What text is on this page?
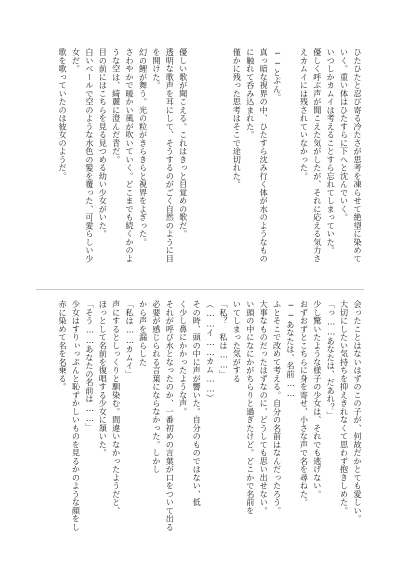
ひたひたと忍び寄る冷たさが思考を凍らせて絶望に染めて

いく。重い体はひたすらに下へと沈んでいく。

いつしかカムイは考えることすら忘れてしまっていた。

優しく呼ぶ声が聞こえた気がしたが、それに応える気力さ

えカムイには残されていなかった。

──とぷん。

真っ暗な視界の中、ひたすら沈み行く体が水のようなもの

に触れて呑み込まれた。

僅かに残った思考はそこで途切れた。

優しい歌が聞こえる。これはきっと目覚めの歌だ。

透明な歌声を耳にして、そうするのがごく自然のように目

を開けた。

幻の鯉が舞う。光の粒がきらきらと視界をよぎった。

さわやかで暖かい風が吹いていく。どこまでも続くかのよ

うな空は、綺麗に澄んだ青だ。

目の前にはこちらを見る見つめる幼い少女がいた。

白いベールで空のような水色の髪を覆った、可愛らしい少

女だ。

歌を歌っていたのは彼女のようだ。

会ったことはないはずのこの子が、何故だかとても愛しい。

大切にしたい気持ちを抑えきれなくて思わず抱きしめた。

「っ……あなたは、だあれ？」

少し驚いたような様子の少女は、それでも逃げない。

おずおずとこちらに身を寄せ、小さな声で名を尋ねた。

──あなたは、名前……

ふとそこで改めて考える。自分の名前はなんだったろう。

大事なものだったはずなのに、どうしても思い出せない。

い頭の中になにかがちらりと過ぎたけど。どこかで名前を

いてしまった気がする

「私？　私は……」

（……イ……カム……）

その時、頭の中に声が響いた。自分のものではない、低

く少し鼻にかかったような声。

それが呼び水となったのか、一番初めの言葉が口をついて出る

必要が感じられる言葉にならなかった。しかし

から声を漏らした

「私は……カムイ」

声にするとしっくりと馴染む。間違いなかったようだと、

ほっとして名前を復唱する少女に頷いた。

「そう……あなたの名前は……」

少女はすりぃっぷんと恥ずかしいものを見るかのような顔をし

赤に染めて名を名乗る。
